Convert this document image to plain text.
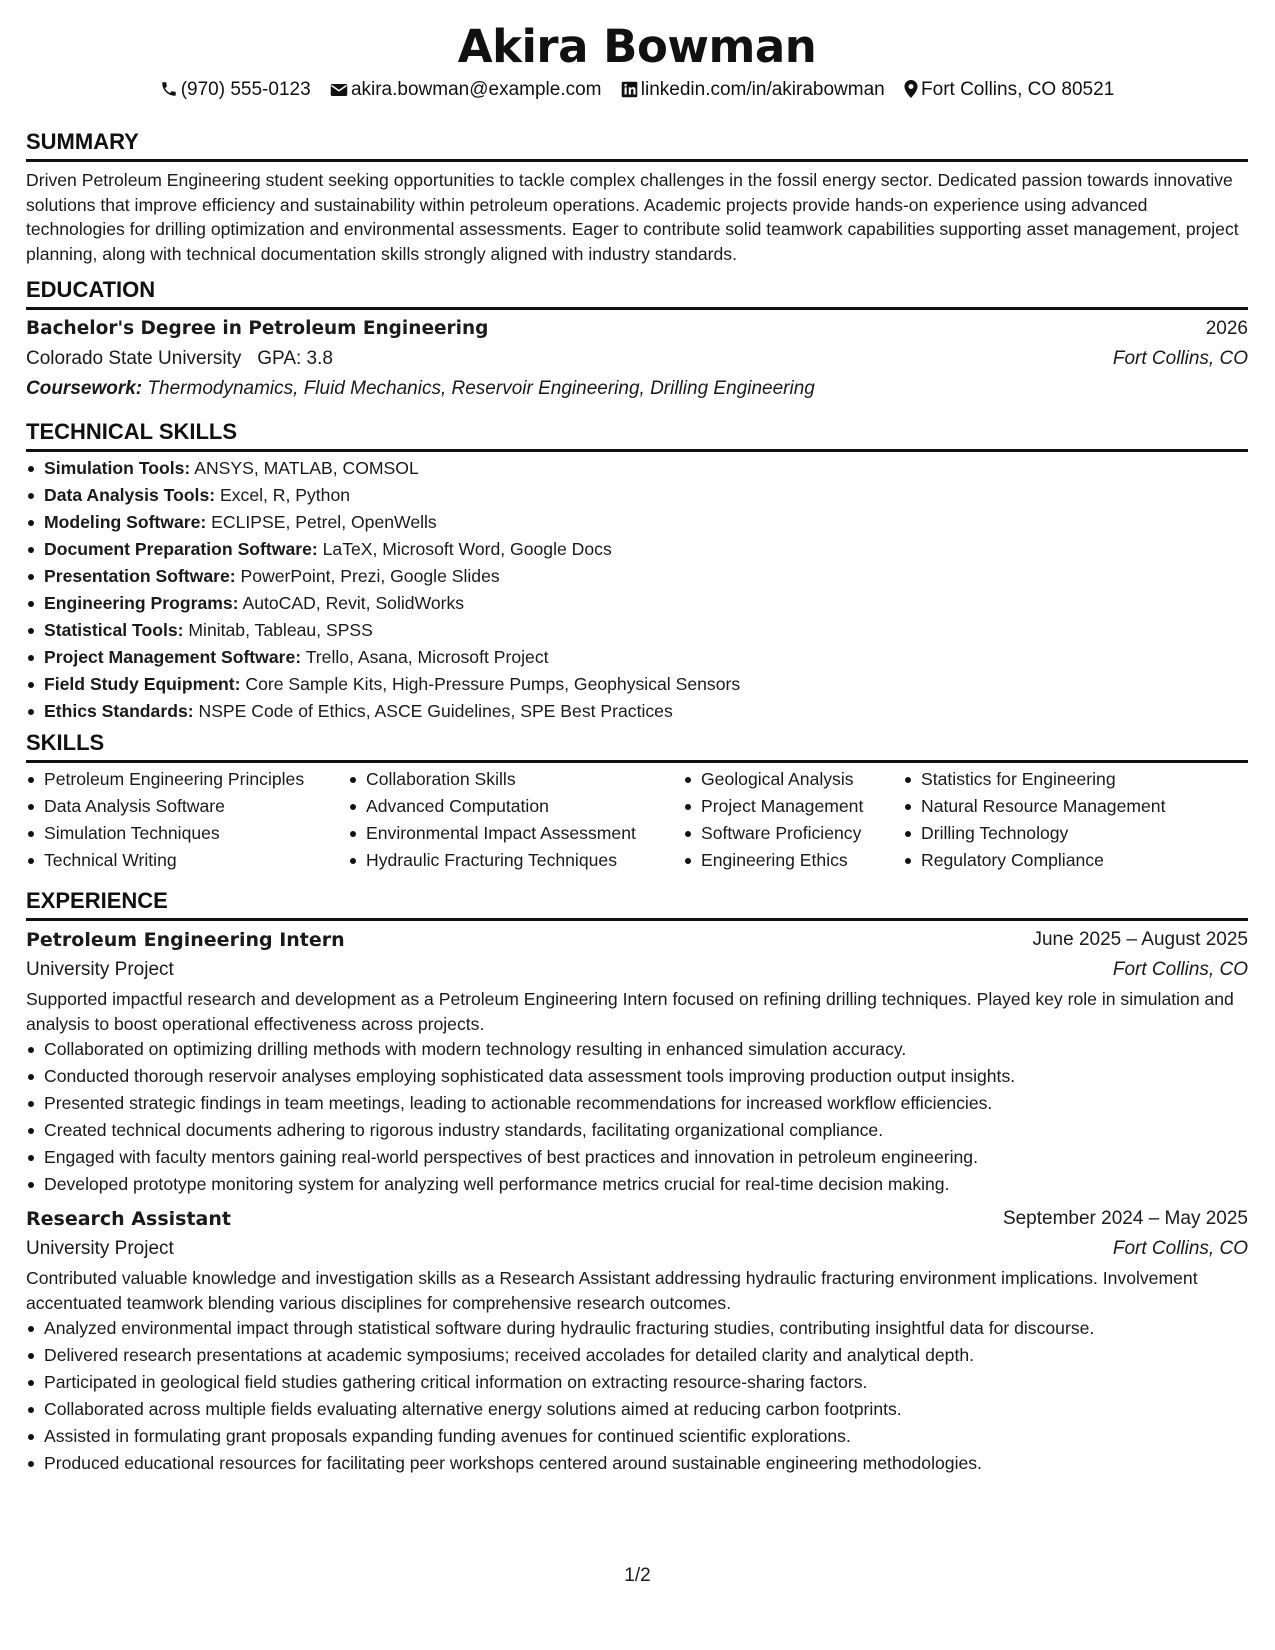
Akira Bowman
(970) 555-0123 akira.bowman@example.com linkedin.com/in/akirabowman Fort Collins, CO 80521
SUMMARY
Driven Petroleum Engineering student seeking opportunities to tackle complex challenges in the fossil energy sector. Dedicated passion towards innovative solutions that improve efficiency and sustainability within petroleum operations. Academic projects provide hands-on experience using advanced technologies for drilling optimization and environmental assessments. Eager to contribute solid teamwork capabilities supporting asset management, project planning, along with technical documentation skills strongly aligned with industry standards.
EDUCATION
Bachelor's Degree in Petroleum Engineering	2026
Colorado State University GPA: 3.8	Fort Collins, CO
Coursework: Thermodynamics, Fluid Mechanics, Reservoir Engineering, Drilling Engineering
TECHNICAL SKILLS
Simulation Tools: ANSYS, MATLAB, COMSOL
Data Analysis Tools: Excel, R, Python
Modeling Software: ECLIPSE, Petrel, OpenWells
Document Preparation Software: LaTeX, Microsoft Word, Google Docs
Presentation Software: PowerPoint, Prezi, Google Slides
Engineering Programs: AutoCAD, Revit, SolidWorks
Statistical Tools: Minitab, Tableau, SPSS
Project Management Software: Trello, Asana, Microsoft Project
Field Study Equipment: Core Sample Kits, High-Pressure Pumps, Geophysical Sensors
Ethics Standards: NSPE Code of Ethics, ASCE Guidelines, SPE Best Practices
SKILLS
Petroleum Engineering Principles
Data Analysis Software
Simulation Techniques
Technical Writing
Collaboration Skills
Advanced Computation
Environmental Impact Assessment
Hydraulic Fracturing Techniques
Geological Analysis
Project Management
Software Proficiency
Engineering Ethics
Statistics for Engineering
Natural Resource Management
Drilling Technology
Regulatory Compliance
EXPERIENCE
Petroleum Engineering Intern	June 2025 – August 2025
University Project	Fort Collins, CO
Supported impactful research and development as a Petroleum Engineering Intern focused on refining drilling techniques. Played key role in simulation and analysis to boost operational effectiveness across projects.
Collaborated on optimizing drilling methods with modern technology resulting in enhanced simulation accuracy.
Conducted thorough reservoir analyses employing sophisticated data assessment tools improving production output insights.
Presented strategic findings in team meetings, leading to actionable recommendations for increased workflow efficiencies.
Created technical documents adhering to rigorous industry standards, facilitating organizational compliance.
Engaged with faculty mentors gaining real-world perspectives of best practices and innovation in petroleum engineering.
Developed prototype monitoring system for analyzing well performance metrics crucial for real-time decision making.
Research Assistant	September 2024 – May 2025
University Project	Fort Collins, CO
Contributed valuable knowledge and investigation skills as a Research Assistant addressing hydraulic fracturing environment implications. Involvement accentuated teamwork blending various disciplines for comprehensive research outcomes.
Analyzed environmental impact through statistical software during hydraulic fracturing studies, contributing insightful data for discourse.
Delivered research presentations at academic symposiums; received accolades for detailed clarity and analytical depth.
Participated in geological field studies gathering critical information on extracting resource-sharing factors.
Collaborated across multiple fields evaluating alternative energy solutions aimed at reducing carbon footprints.
Assisted in formulating grant proposals expanding funding avenues for continued scientific explorations.
Produced educational resources for facilitating peer workshops centered around sustainable engineering methodologies.
1/2
